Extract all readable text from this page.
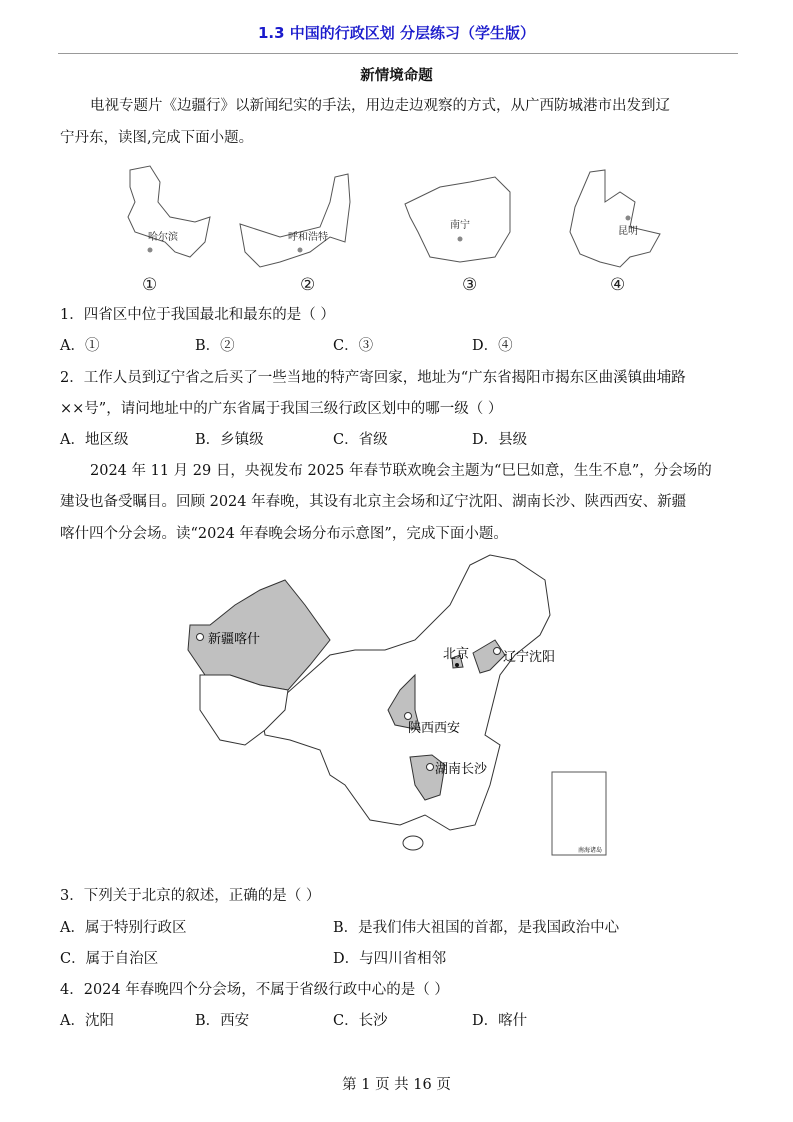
1.3 中国的行政区划 分层练习（学生版）
新情境命题
电视专题片《边疆行》以新闻纪实的手法，用边走边观察的方式，从广西防城港市出发到辽
宁丹东，读图,完成下面小题。
哈尔滨
①
呼和浩特
②
南宁
③
昆明
④
1．四省区中位于我国最北和最东的是（ ）
A．①	B．②	C．③	D．④
2．工作人员到辽宁省之后买了一些当地的特产寄回家，地址为“广东省揭阳市揭东区曲溪镇曲埔路
××号”，请问地址中的广东省属于我国三级行政区划中的哪一级（ ）
A．地区级	B．乡镇级	C．省级	D．县级
2024 年 11 月 29 日，央视发布 2025 年春节联欢晚会主题为“巳巳如意，生生不息”，分会场的
建设也备受瞩目。回顾 2024 年春晚，其设有北京主会场和辽宁沈阳、湖南长沙、陕西西安、新疆
喀什四个分会场。读“2024 年春晚会场分布示意图”，完成下面小题。
新疆喀什
北京	辽宁沈阳
陕西西安
湖南长沙
南海诸岛
3．下列关于北京的叙述，正确的是（ ）
A．属于特别行政区	B．是我们伟大祖国的首都，是我国政治中心
C．属于自治区	D．与四川省相邻
4．2024 年春晚四个分会场，不属于省级行政中心的是（ ）
A．沈阳	B．西安	C．长沙	D．喀什
第 1 页 共 16 页
